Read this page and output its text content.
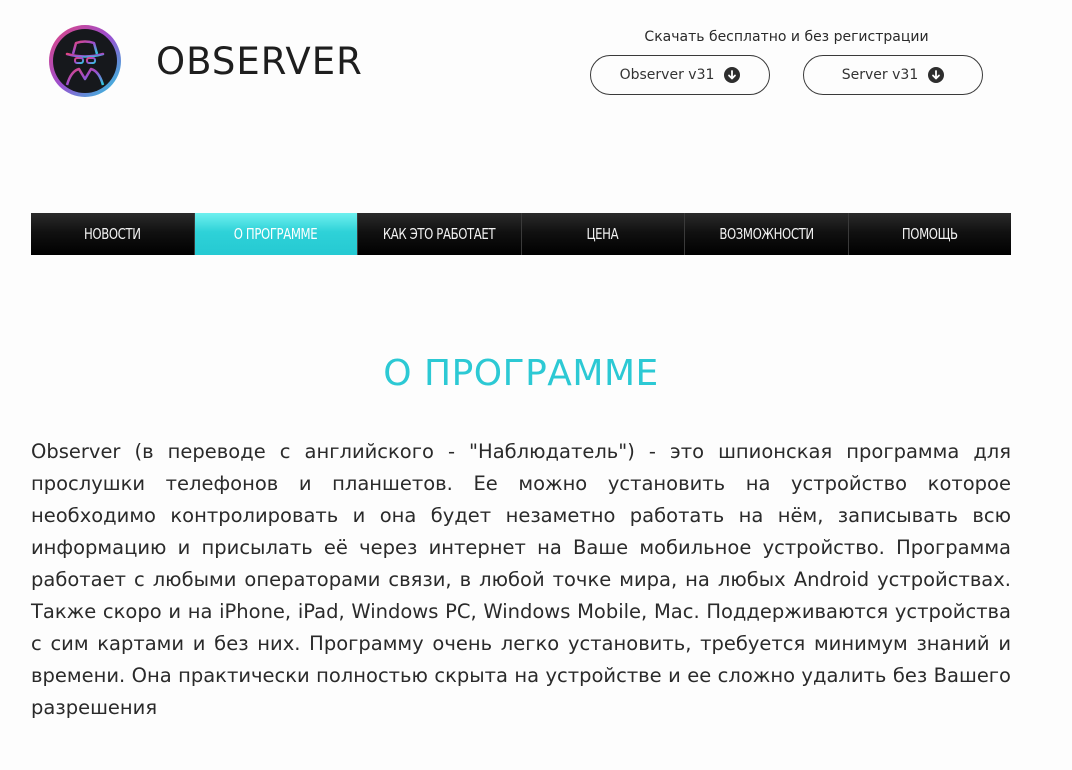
OBSERVER
Скачать бесплатно и без регистрации
Observer v31	Server v31
НОВОСТИ	О ПРОГРАММЕ	КАК ЭТО РАБОТАЕТ	ЦЕНА	ВОЗМОЖНОСТИ	ПОМОЩЬ
О ПРОГРАММЕ

Observer (в переводе с английского - "Наблюдатель") - это шпионская программа для прослушки телефонов и планшетов. Ее можно установить на устройство которое необходимо контролировать и она будет незаметно работать на нём, записывать всю информацию и присылать её через интернет на Ваше мобильное устройство. Программа работает с любыми операторами связи, в любой точке мира, на любых Android устройствах. Также скоро и на iPhone, iPad, Windows PC, Windows Mobile, Mac. Поддерживаются устройства с сим картами и без них. Программу очень легко установить, требуется минимум знаний и времени. Она практически полностью скрыта на устройстве и ее сложно удалить без Вашего разрешения
